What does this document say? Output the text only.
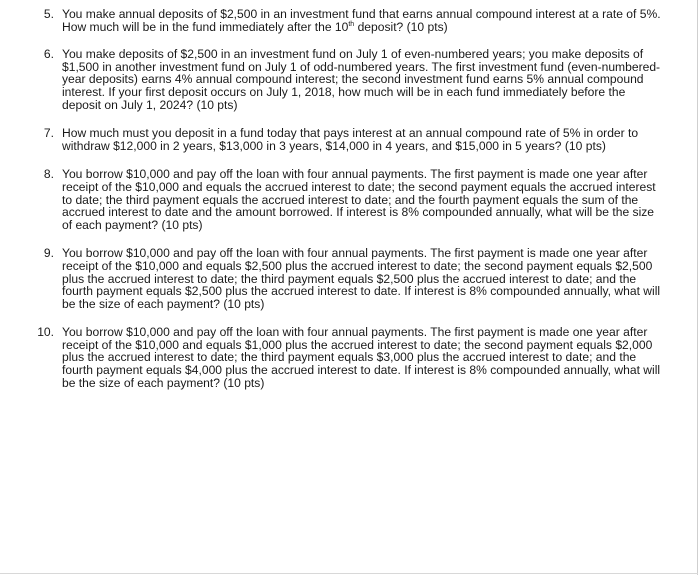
5. You make annual deposits of $2,500 in an investment fund that earns annual compound interest at a rate of 5%. How much will be in the fund immediately after the 10th deposit? (10 pts)
6. You make deposits of $2,500 in an investment fund on July 1 of even-numbered years; you make deposits of $1,500 in another investment fund on July 1 of odd-numbered years. The first investment fund (even-numbered-year deposits) earns 4% annual compound interest; the second investment fund earns 5% annual compound interest. If your first deposit occurs on July 1, 2018, how much will be in each fund immediately before the deposit on July 1, 2024? (10 pts)
7. How much must you deposit in a fund today that pays interest at an annual compound rate of 5% in order to withdraw $12,000 in 2 years, $13,000 in 3 years, $14,000 in 4 years, and $15,000 in 5 years? (10 pts)
8. You borrow $10,000 and pay off the loan with four annual payments. The first payment is made one year after receipt of the $10,000 and equals the accrued interest to date; the second payment equals the accrued interest to date; the third payment equals the accrued interest to date; and the fourth payment equals the sum of the accrued interest to date and the amount borrowed. If interest is 8% compounded annually, what will be the size of each payment? (10 pts)
9. You borrow $10,000 and pay off the loan with four annual payments. The first payment is made one year after receipt of the $10,000 and equals $2,500 plus the accrued interest to date; the second payment equals $2,500 plus the accrued interest to date; the third payment equals $2,500 plus the accrued interest to date; and the fourth payment equals $2,500 plus the accrued interest to date. If interest is 8% compounded annually, what will be the size of each payment? (10 pts)
10. You borrow $10,000 and pay off the loan with four annual payments. The first payment is made one year after receipt of the $10,000 and equals $1,000 plus the accrued interest to date; the second payment equals $2,000 plus the accrued interest to date; the third payment equals $3,000 plus the accrued interest to date; and the fourth payment equals $4,000 plus the accrued interest to date. If interest is 8% compounded annually, what will be the size of each payment? (10 pts)
